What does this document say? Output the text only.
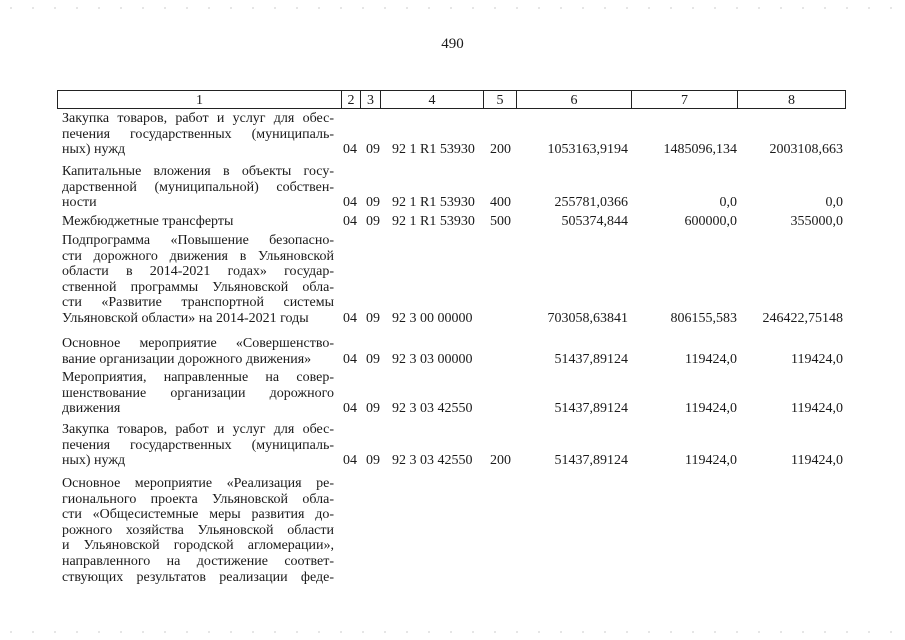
490
1	2 3	4	5	6	7	8
Закупка товаров, работ и услуг для обес-
печения государственных (муниципаль-
ных) нужд	04 09 92 1 R1 53930 200	1053163,9194	1485096,134 2003108,663
Капитальные вложения в объекты госу-
дарственной (муниципальной) собствен-
ности	04 09 92 1 R1 53930 400	255781,0366	0,0	0,0
Межбюджетные трансферты	04 09 92 1 R1 53930 500	505374,844	600000,0	355000,0
Подпрограмма «Повышение безопасно-
сти дорожного движения в Ульяновской
области в 2014-2021 годах» государ-
ственной программы Ульяновской обла-
сти «Развитие транспортной системы
Ульяновской области» на 2014-2021 годы	04 09 92 3 00 00000	703058,63841	806155,583 246422,75148
Основное мероприятие «Совершенство-
вание организации дорожного движения»	04 09 92 3 03 00000	51437,89124	119424,0	119424,0
Мероприятия, направленные на совер-
шенствование организации дорожного
движения	04 09 92 3 03 42550	51437,89124	119424,0	119424,0
Закупка товаров, работ и услуг для обес-
печения государственных (муниципаль-
ных) нужд	04 09 92 3 03 42550 200	51437,89124	119424,0	119424,0
Основное мероприятие «Реализация ре-
гионального проекта Ульяновской обла-
сти «Общесистемные меры развития до-
рожного хозяйства Ульяновской области
и Ульяновской городской агломерации»,
направленного на достижение соответ-
ствующих результатов реализации феде-
